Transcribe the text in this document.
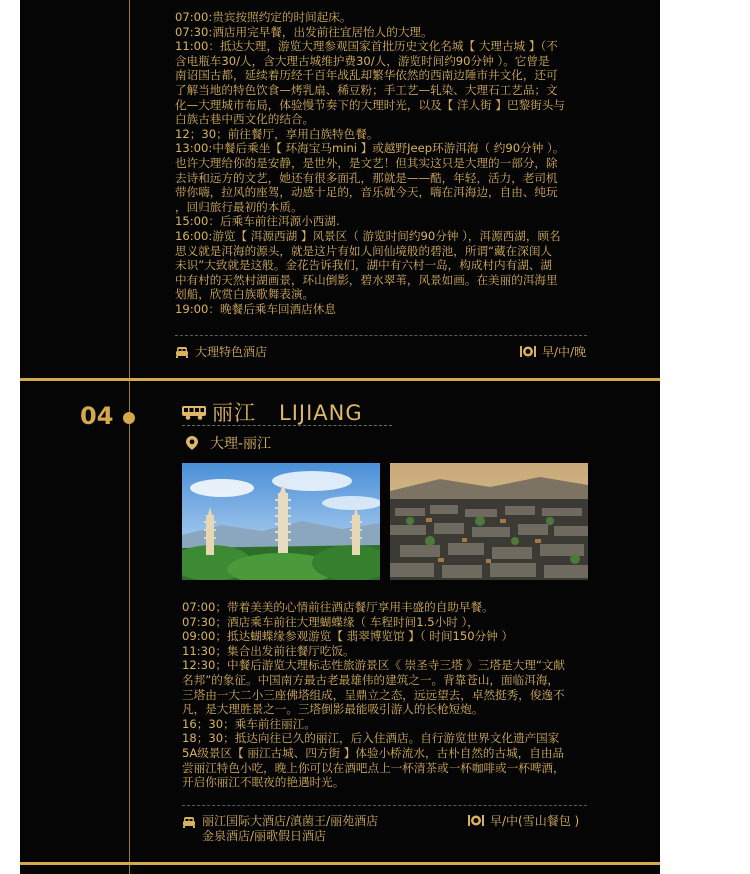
07:00:贵宾按照约定的时间起床。

07:30:酒店用完早餐，出发前往宜居怡人的大理。

11:00：抵达大理，游览大理参观国家首批历史文化名城【 大理古城 】（不

含电瓶车30/人，含大理古城维护费30/人，游览时间约90分钟 ）。它曾是

南诏国古都，延续着历经千百年战乱却繁华依然的西南边陲市井文化，还可

了解当地的特色饮食—烤乳扇、稀豆粉；手工艺—轧染、大理石工艺品；文

化—大理城市布局，体验慢节奏下的大理时光，以及【 洋人街 】巴黎街头与

白族古巷中西文化的结合。

12；30；前往餐厅，享用白族特色餐。

13:00:中餐后乘坐【 环海宝马mini 】或越野Jeep环游洱海（ 约90分钟 ）。

也许大理给你的是安静，是世外，是文艺！但其实这只是大理的一部分，除

去诗和远方的文艺，她还有很多面孔，那就是——酷，年轻，活力，老司机

带你嗨，拉风的座驾，动感十足的，音乐就今天，嗨在洱海边，自由、纯玩

，回归旅行最初的本质。

15:00：后乘车前往洱源小西湖.

16:00:游览【 洱源西湖 】风景区（ 游览时间约90分钟 ），洱源西湖，顾名

思义就是洱海的源头，就是这片有如人间仙境般的碧池，所谓“藏在深闺人

未识”大致就是这般。金花告诉我们，湖中有六村一岛，构成村内有湖、湖

中有村的天然村湖画景，环山倒影，碧水翠苇，风景如画。在美丽的洱海里

划船，欣赏白族歌舞表演。

19:00：晚餐后乘车回酒店休息

大理特色酒店	早/中/晚
04	丽江   LIJIANG
大理-丽江

07:00；带着美美的心情前往酒店餐厅享用丰盛的自助早餐。

07:30；酒店乘车前往大理蝴蝶缘（ 车程时间1.5小时 ），

09:00；抵达蝴蝶缘参观游览【 翡翠博览馆 】（ 时间150分钟 ）

11:30；集合出发前往餐厅吃饭。

12:30；中餐后游览大理标志性旅游景区《 崇圣寺三塔 》三塔是大理“文献

名邦”的象征。中国南方最古老最雄伟的建筑之一。背靠苍山，面临洱海，

三塔由一大二小三座佛塔组成，呈鼎立之态，远远望去，卓然挺秀，俊逸不

凡，是大理胜景之一。三塔倒影最能吸引游人的长枪短炮。

16；30；乘车前往丽江。

18；30；抵达向往已久的丽江，后入住酒店。自行游览世界文化遗产国家

5A级景区【 丽江古城、四方街 】体验小桥流水，古朴自然的古城，自由品

尝丽江特色小吃，晚上你可以在酒吧点上一杯清茶或一杯咖啡或一杯啤酒，

开启你丽江不眠夜的艳遇时光。

丽江国际大酒店/滇菌王/丽苑酒店
金泉酒店/丽歌假日酒店
早/中(雪山餐包 )
